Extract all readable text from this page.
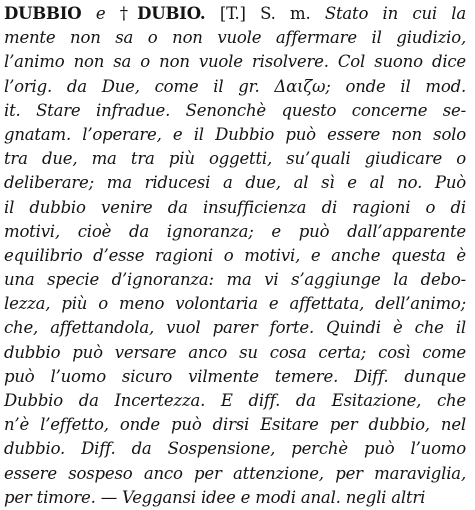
DUBBIO e †DUBIO. [T.] S. m. Stato in cui la
mente non sa o non vuole affermare il giudizio,
l’animo non sa o non vuole risolvere. Col suono dice
l’orig. da Due, come il gr. Δαιζω; onde il mod.
it. Stare infradue. Senonchè questo concerne se-
gnatam. l’operare, e il Dubbio può essere non solo
tra due, ma tra più oggetti, su’quali giudicare o
deliberare; ma riducesi a due, al sì e al no. Può
il dubbio venire da insufficienza di ragioni o di
motivi, cioè da ignoranza; e può dall’apparente
equilibrio d’esse ragioni o motivi, e anche questa è
una specie d’ignoranza: ma vi s’aggiunge la debo-
lezza, più o meno volontaria e affettata, dell’animo;
che, affettandola, vuol parer forte. Quindi è che il
dubbio può versare anco su cosa certa; così come
può l’uomo sicuro vilmente temere. Diff. dunque
Dubbio da Incertezza. E diff. da Esitazione, che
n’è l’effetto, onde può dirsi Esitare per dubbio, nel
dubbio. Diff. da Sospensione, perchè può l’uomo
essere sospeso anco per attenzione, per maraviglia,
per timore. — Veggansi idee e modi anal. negli altri
